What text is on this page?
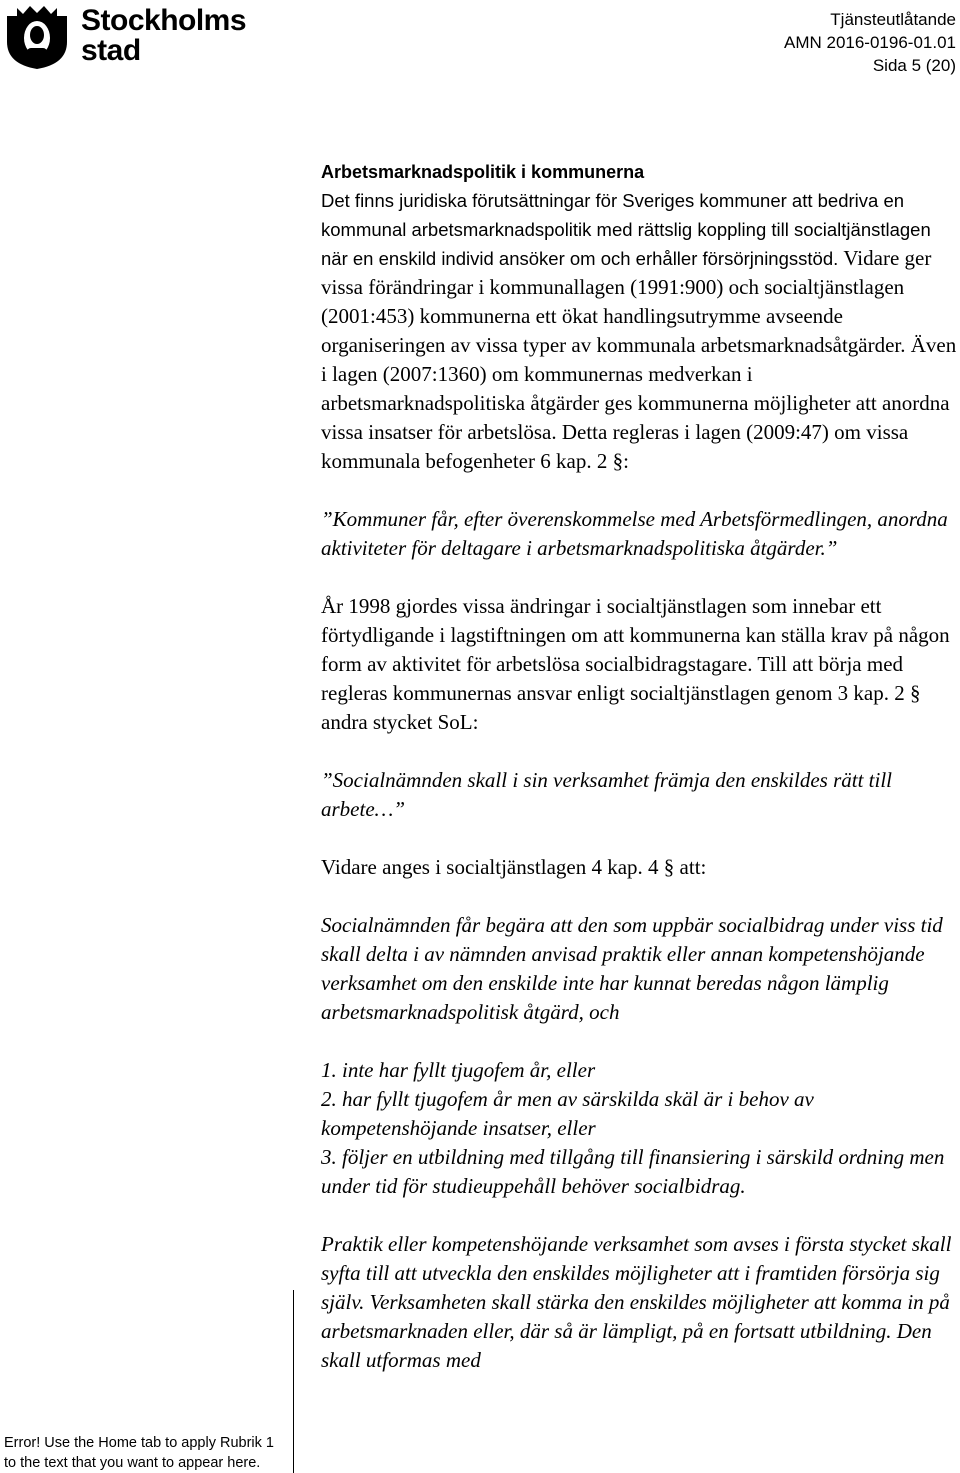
Stockholms
stad
Tjänsteutlåtande
AMN 2016-0196-01.01
Sida 5 (20)
Arbetsmarknadspolitik i kommunerna

Det finns juridiska förutsättningar för Sveriges kommuner att bedriva en kommunal arbetsmarknadspolitik med rättslig koppling till socialtjänstlagen när en enskild individ ansöker om och erhåller försörjningsstöd. Vidare ger vissa förändringar i kommunallagen (1991:900) och socialtjänstlagen (2001:453) kommunerna ett ökat handlingsutrymme avseende organiseringen av vissa typer av kommunala arbetsmarknadsåtgärder. Även i lagen (2007:1360) om kommunernas medverkan i arbetsmarknadspolitiska åtgärder ges kommunerna möjligheter att anordna vissa insatser för arbetslösa. Detta regleras i lagen (2009:47) om vissa kommunala befogenheter 6 kap. 2 §:

”Kommuner får, efter överenskommelse med Arbetsförmedlingen, anordna aktiviteter för deltagare i arbetsmarknadspolitiska åtgärder.”

År 1998 gjordes vissa ändringar i socialtjänstlagen som innebar ett förtydligande i lagstiftningen om att kommunerna kan ställa krav på någon form av aktivitet för arbetslösa socialbidragstagare. Till att börja med regleras kommunernas ansvar enligt socialtjänstlagen genom 3 kap. 2 § andra stycket SoL:

”Socialnämnden skall i sin verksamhet främja den enskildes rätt till arbete…”

Vidare anges i socialtjänstlagen 4 kap. 4 § att:

Socialnämnden får begära att den som uppbär socialbidrag under viss tid skall delta i av nämnden anvisad praktik eller annan kompetenshöjande verksamhet om den enskilde inte har kunnat beredas någon lämplig arbetsmarknadspolitisk åtgärd, och

1. inte har fyllt tjugofem år, eller

2. har fyllt tjugofem år men av särskilda skäl är i behov av kompetenshöjande insatser, eller

3. följer en utbildning med tillgång till finansiering i särskild ordning men under tid för studieuppehåll behöver socialbidrag.

Praktik eller kompetenshöjande verksamhet som avses i första stycket skall syfta till att utveckla den enskildes möjligheter att i framtiden försörja sig själv. Verksamheten skall stärka den enskildes möjligheter att komma in på arbetsmarknaden eller, där så är lämpligt, på en fortsatt utbildning. Den skall utformas med

Error! Use the Home tab to apply Rubrik 1
to the text that you want to appear here.
